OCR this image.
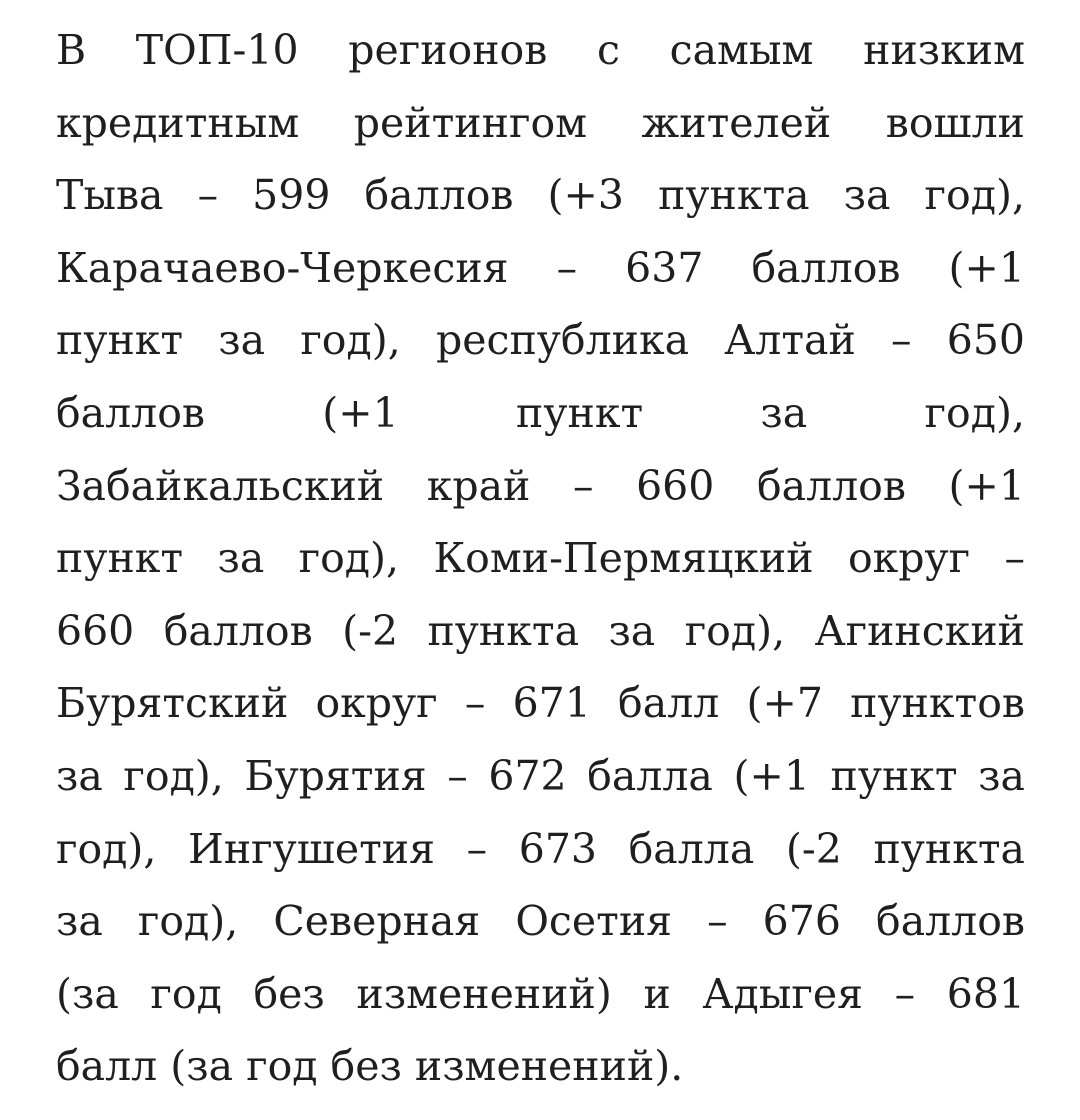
В ТОП-10 регионов с самым низким
кредитным рейтингом жителей вошли
Тыва – 599 баллов (+3 пункта за год),
Карачаево-Черкесия – 637 баллов (+1
пункт за год), республика Алтай – 650
баллов (+1 пункт за год),
Забайкальский край – 660 баллов (+1
пункт за год), Коми-Пермяцкий округ –
660 баллов (-2 пункта за год), Агинский
Бурятский округ – 671 балл (+7 пунктов
за год), Бурятия – 672 балла (+1 пункт за
год), Ингушетия – 673 балла (-2 пункта
за год), Северная Осетия – 676 баллов
(за год без изменений) и Адыгея – 681
балл (за год без изменений).
